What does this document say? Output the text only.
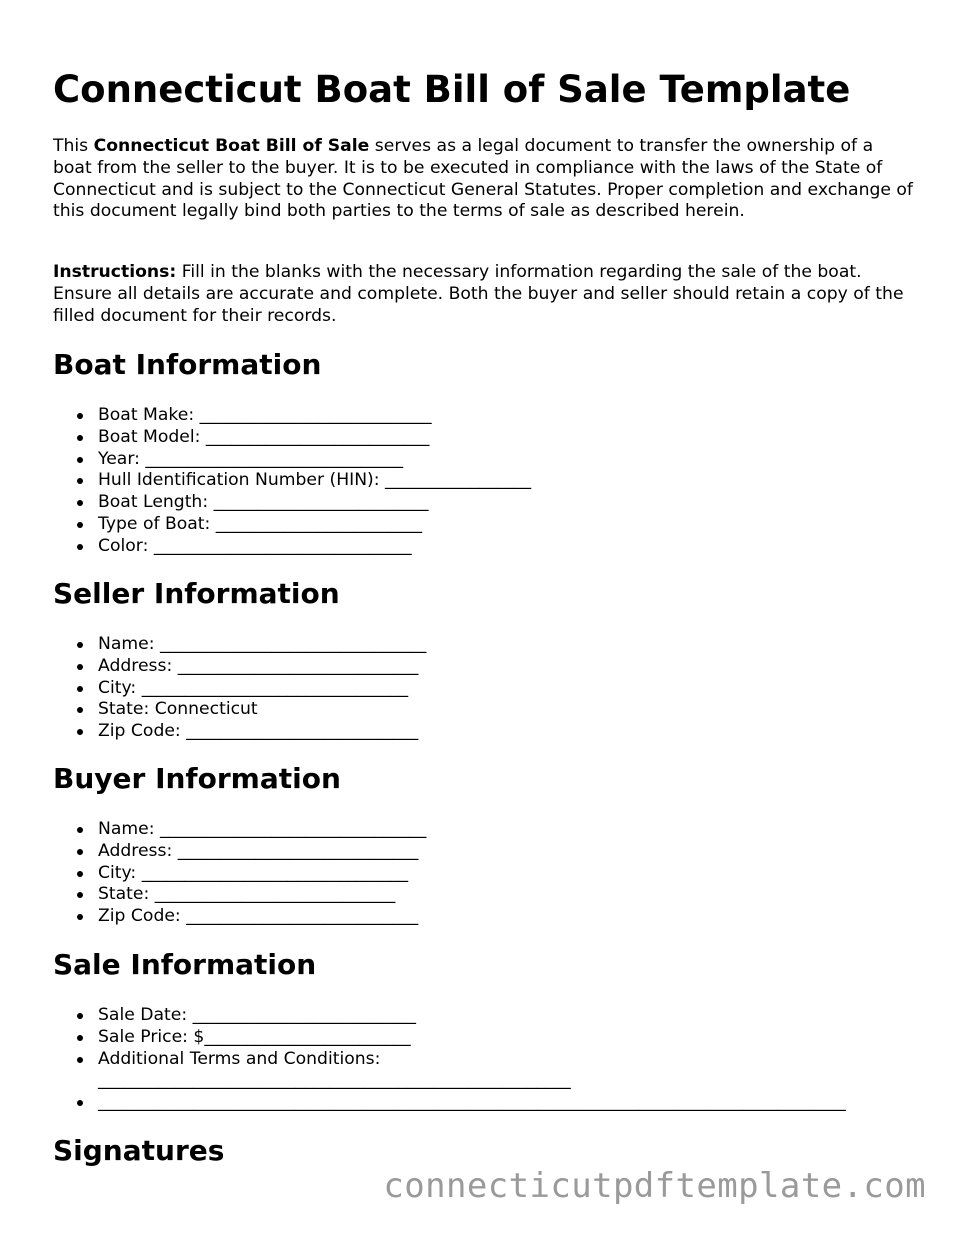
Connecticut Boat Bill of Sale Template

This Connecticut Boat Bill of Sale serves as a legal document to transfer the ownership of a boat from the seller to the buyer. It is to be executed in compliance with the laws of the State of Connecticut and is subject to the Connecticut General Statutes. Proper completion and exchange of this document legally bind both parties to the terms of sale as described herein.

Instructions: Fill in the blanks with the necessary information regarding the sale of the boat. Ensure all details are accurate and complete. Both the buyer and seller should retain a copy of the filled document for their records.

Boat Information
Boat Make: ___________________________
Boat Model: __________________________
Year: ______________________________
Hull Identification Number (HIN): _________________
Boat Length: _________________________
Type of Boat: ________________________
Color: ______________________________
Seller Information
Name: _______________________________
Address: ____________________________
City: _______________________________
State: Connecticut
Zip Code: ___________________________
Buyer Information
Name: _______________________________
Address: ____________________________
City: _______________________________
State: ____________________________
Zip Code: ___________________________
Sale Information
Sale Date: __________________________
Sale Price: $________________________
Additional Terms and Conditions:
_______________________________________________________
_______________________________________________________________________________________
Signatures
connecticutpdftemplate.com
